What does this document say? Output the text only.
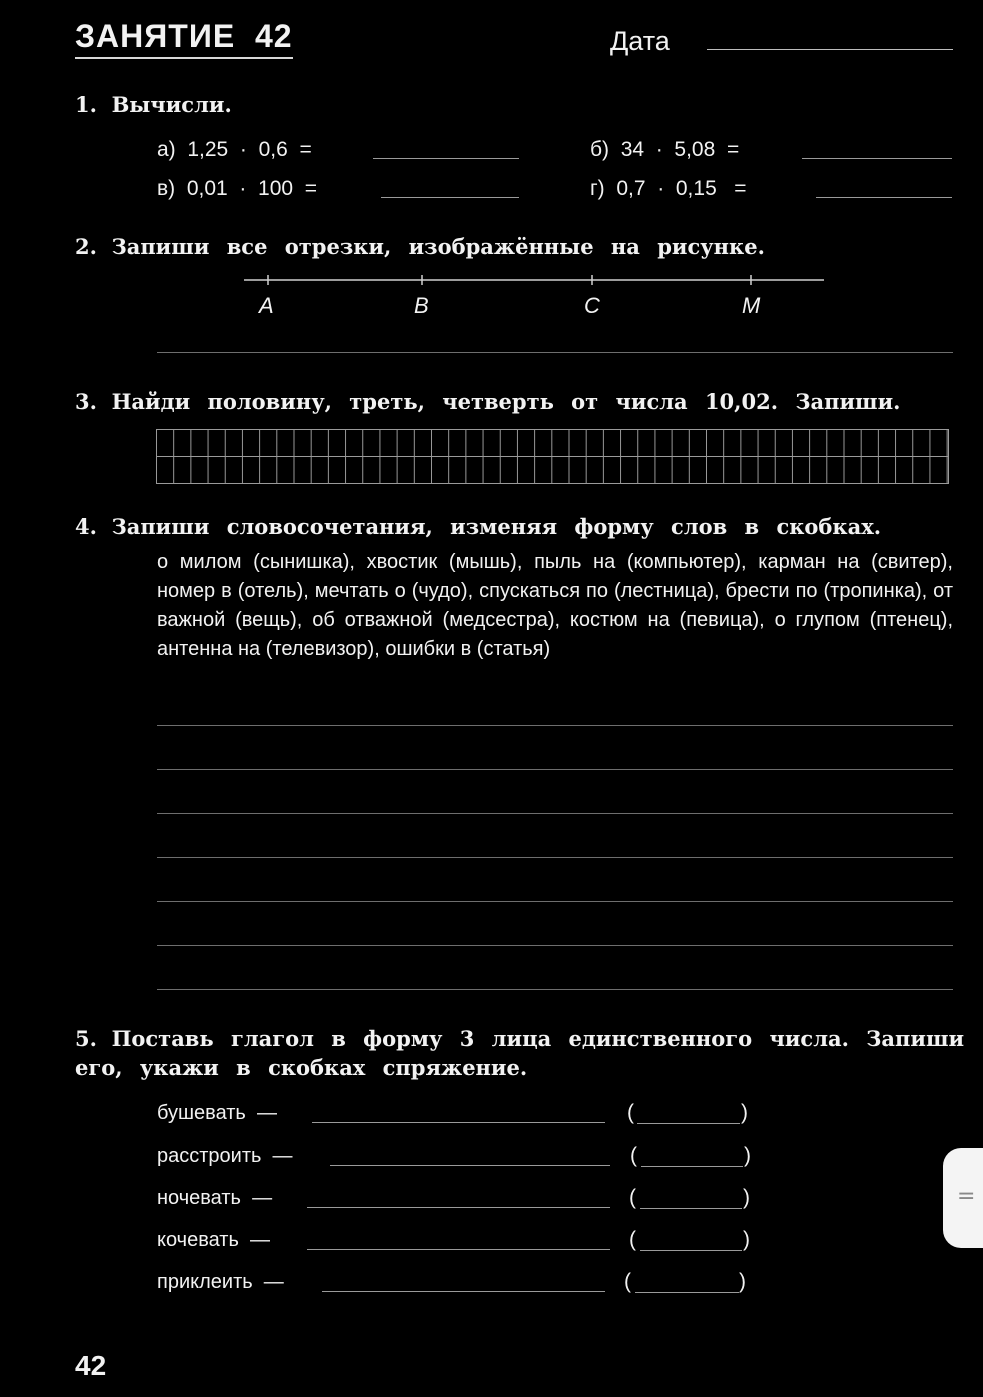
ЗАНЯТИЕ  42	Дата
1. Вычисли.
а) 1,25 · 0,6 =	б) 34 · 5,08 =
в) 0,01 · 100 =	г) 0,7 · 0,15 =
2. Запиши все отрезки, изображённые на рисунке.
A	B	C	M
3. Найди половину, треть, четверть от числа 10,02. Запиши.
4. Запиши словосочетания, изменяя форму слов в скобках.
о милом (сынишка), хвостик (мышь), пыль на (компьютер), карман на (свитер), номер в (отель), мечтать о (чудо), спускаться по (лестница), брести по (тропинка), от важной (вещь), об отважной (медсестра), костюм на (певица), о глупом (птенец), антенна на (телевизор), ошибки в (статья)
5. Поставь глагол в форму 3 лица единственного числа. Запиши
его, укажи в скобках спряжение.
бушевать —	(	)
расстроить —	(	)
ночевать —	(	)
кочевать —	(	)
приклеить —	(	)
42
=
